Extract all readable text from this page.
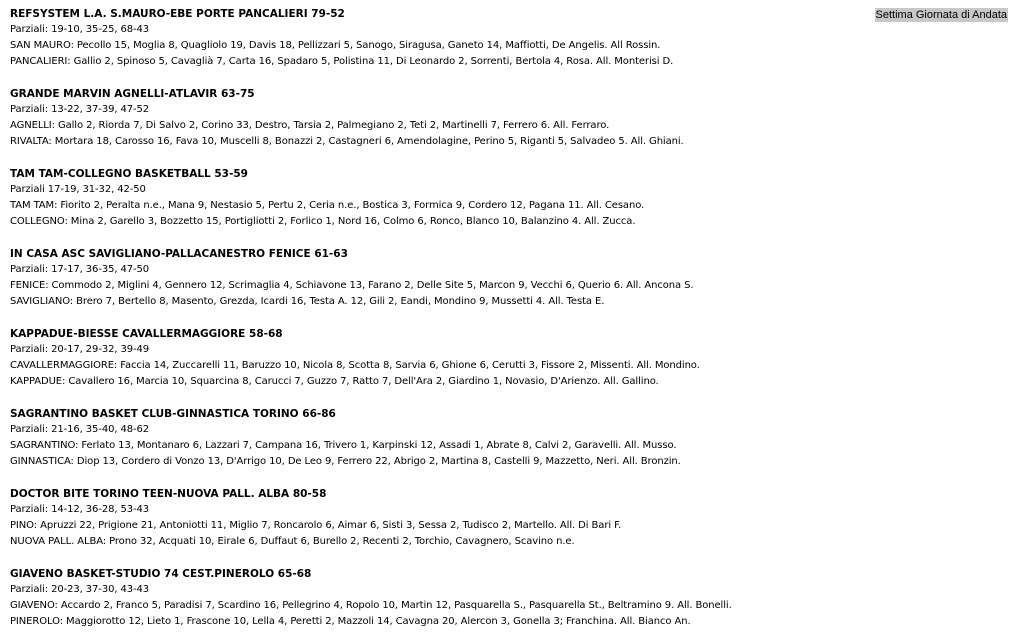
Settima Giornata di Andata
REFSYSTEM L.A. S.MAURO-EBE PORTE PANCALIERI 79-52
Parziali: 19-10, 35-25, 68-43
SAN MAURO: Pecollo 15, Moglia 8, Quagliolo 19, Davis 18, Pellizzari 5, Sanogo, Siragusa, Ganeto 14, Maffiotti, De Angelis. All Rossin.
PANCALIERI: Gallio 2, Spinoso 5, Cavaglià 7, Carta 16, Spadaro 5, Polistina 11, Di Leonardo 2, Sorrenti, Bertola 4, Rosa. All. Monterisi D.
GRANDE MARVIN AGNELLI-ATLAVIR 63-75
Parziali: 13-22, 37-39, 47-52
AGNELLI: Gallo 2, Riorda 7, Di Salvo 2, Corino 33, Destro, Tarsia 2, Palmegiano 2, Teti 2, Martinelli 7, Ferrero 6. All. Ferraro.
RIVALTA: Mortara 18, Carosso 16, Fava 10, Muscelli 8, Bonazzi 2, Castagneri 6, Amendolagine, Perino 5, Riganti 5, Salvadeo 5. All. Ghiani.
TAM TAM-COLLEGNO BASKETBALL 53-59
Parziali 17-19, 31-32, 42-50
TAM TAM: Fiorito 2, Peralta n.e., Mana 9, Nestasio 5, Pertu 2, Ceria n.e., Bostica 3, Formica 9, Cordero 12, Pagana 11. All. Cesano.
COLLEGNO: Mina 2, Garello 3, Bozzetto 15, Portigliotti 2, Forlico 1, Nord 16, Colmo 6, Ronco, Blanco 10, Balanzino 4. All. Zucca.
IN CASA ASC SAVIGLIANO-PALLACANESTRO FENICE 61-63
Parziali: 17-17, 36-35, 47-50
FENICE: Commodo 2, Miglini 4, Gennero 12, Scrimaglia 4, Schiavone 13, Farano 2, Delle Site 5, Marcon 9, Vecchi 6, Querio 6. All. Ancona S.
SAVIGLIANO: Brero 7, Bertello 8, Masento, Grezda, Icardi 16, Testa A. 12, Gili 2, Eandi, Mondino 9, Mussetti 4. All. Testa E.
KAPPADUE-BIESSE CAVALLERMAGGIORE 58-68
Parziali: 20-17, 29-32, 39-49
CAVALLERMAGGIORE: Faccia 14, Zuccarelli 11, Baruzzo 10, Nicola 8, Scotta 8, Sarvia 6, Ghione 6, Cerutti 3, Fissore 2, Missenti. All. Mondino.
KAPPADUE: Cavallero 16, Marcia 10, Squarcina 8, Carucci 7, Guzzo 7, Ratto 7, Dell'Ara 2, Giardino 1, Novasio, D'Arienzo. All. Gallino.
SAGRANTINO BASKET CLUB-GINNASTICA TORINO 66-86
Parziali: 21-16, 35-40, 48-62
SAGRANTINO: Ferlato 13, Montanaro 6, Lazzari 7, Campana 16, Trivero 1, Karpinski 12, Assadi 1, Abrate 8, Calvi 2, Garavelli. All. Musso.
GINNASTICA: Diop 13, Cordero di Vonzo 13, D'Arrigo 10, De Leo 9, Ferrero 22, Abrigo 2, Martina 8, Castelli 9, Mazzetto, Neri. All. Bronzin.
DOCTOR BITE TORINO TEEN-NUOVA PALL. ALBA 80-58
Parziali: 14-12, 36-28, 53-43
PINO: Apruzzi 22, Prigione 21, Antoniotti 11, Miglio 7, Roncarolo 6, Aimar 6, Sisti 3, Sessa 2, Tudisco 2, Martello. All. Di Bari F.
NUOVA PALL. ALBA: Prono 32, Acquati 10, Eirale 6, Duffaut 6, Burello 2, Recenti 2, Torchio, Cavagnero, Scavino n.e.
GIAVENO BASKET-STUDIO 74 CEST.PINEROLO 65-68
Parziali: 20-23, 37-30, 43-43
GIAVENO: Accardo 2, Franco 5, Paradisi 7, Scardino 16, Pellegrino 4, Ropolo 10, Martin 12, Pasquarella S., Pasquarella St., Beltramino 9. All. Bonelli.
PINEROLO: Maggiorotto 12, Lieto 1, Frascone 10, Lella 4, Peretti 2, Mazzoli 14, Cavagna 20, Alercon 3, Gonella 3; Franchina. All. Bianco An.
